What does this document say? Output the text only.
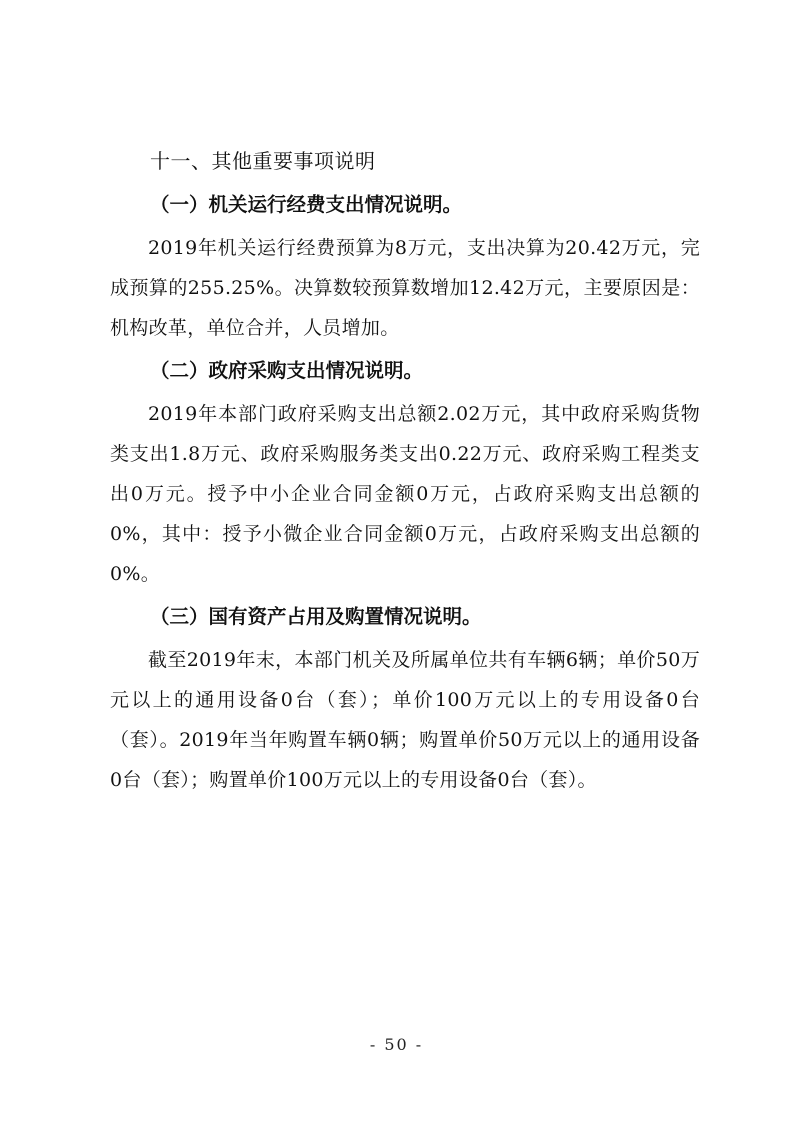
十一、其他重要事项说明
（一）机关运行经费支出情况说明。

2019年机关运行经费预算为8万元，支出决算为20.42万元，完成预算的255.25%。决算数较预算数增加12.42万元，主要原因是：机构改革，单位合并，人员增加。

（二）政府采购支出情况说明。

2019年本部门政府采购支出总额2.02万元，其中政府采购货物类支出1.8万元、政府采购服务类支出0.22万元、政府采购工程类支出0万元。授予中小企业合同金额0万元，占政府采购支出总额的0%，其中：授予小微企业合同金额0万元，占政府采购支出总额的0%。

（三）国有资产占用及购置情况说明。

截至2019年末，本部门机关及所属单位共有车辆6辆；单价50万元以上的通用设备0台（套）；单价100万元以上的专用设备0台（套）。2019年当年购置车辆0辆；购置单价50万元以上的通用设备0台（套）；购置单价100万元以上的专用设备0台（套）。

- 50 -
